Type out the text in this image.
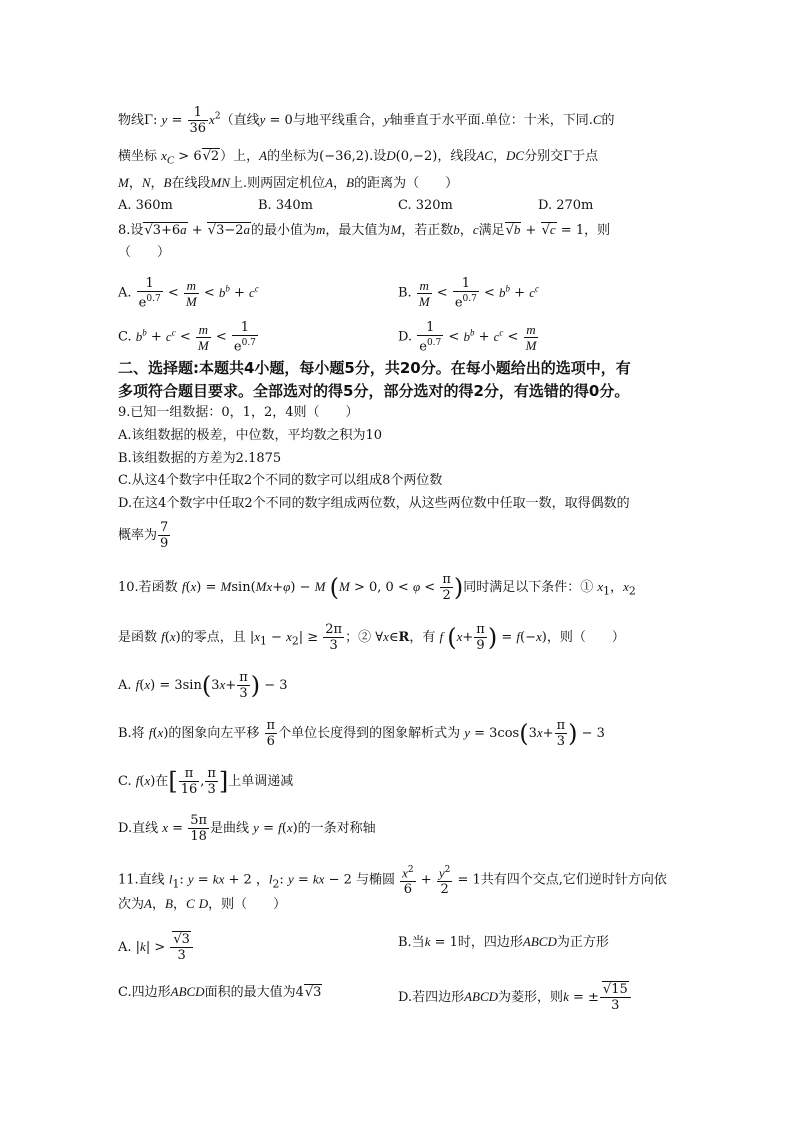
物线Γ: $y = \frac{1}{36} x^2$（直线y = 0与地平线重合，y轴垂直于水平面.单位：十米，下同.C的
横坐标 $x_C > 6√2$）上，A的坐标为(−36,2).设D(0,−2)，线段AC，DC分别交Γ于点
M，N，B在线段MN上.则两固定机位A，B的距离为（　　）
A. 360m	B. 340m	C. 320m	D. 270m
8.设√3+6a + √3−2a的最小值为m，最大值为M，若正数b，c满足√b + √c = 1，则
（　　）
A. $\frac{1}{e^{0.7}} < \frac{m}{M} < b^b + c^c$	B. $\frac{m}{M} < \frac{1}{e^{0.7}} < b^b + c^c$
C. $b^b + c^c < \frac{m}{M} < \frac{1}{e^{0.7}}$	D. $\frac{1}{e^{0.7}} < b^b + c^c < \frac{m}{M}$
二、选择题:本题共4小题，每小题5分，共20分。在每小题给出的选项中，有
多项符合题目要求。全部选对的得5分，部分选对的得2分，有选错的得0分。
9.已知一组数据：0，1，2，4则（　　）
A.该组数据的极差，中位数，平均数之积为10
B.该组数据的方差为2.1875
C.从这4个数字中任取2个不同的数字可以组成8个两位数
D.在这4个数字中任取2个不同的数字组成两位数，从这些两位数中任取一数，取得偶数的
概率为 $\frac{7}{9}$
10.若函数 f(x) = Msin(Mx+φ) − M (M > 0, $0 < \varphi < \frac{\pi}{2}$ )同时满足以下条件：① $x_1$，$x_2$
是函数 f(x)的零点，且 $|x_1 - x_2| \ge \frac{2\pi}{3}$ ；② ∀x∈R，有 f ($x+ \frac{\pi}{9}$ ) = f(−x)，则（　　）
A. $f(x) = 3\sin(3x+ \frac{\pi}{3}$ ) − 3
B.将 f(x)的图象向左平移 $\frac{\pi}{6}$ 个单位长度得到的图象解析式为 $y = 3\cos(3x+ \frac{\pi}{3}$ ) − 3
C. f(x)在[ $\frac{\pi}{16}$ , $\frac{\pi}{3}$ ]上单调递减
D.直线 $x = \frac{5\pi}{18}$ 是曲线 y = f(x)的一条对称轴
11.直线 $l_1$: y = kx + 2 ，$l_2$: y = kx − 2 与椭圆 $\frac{x^2}{6} + \frac{y^2}{2} = 1$共有四个交点,它们逆时针方向依
次为A，B，C D，则（　　）
A. $|k| > \frac{√3}{3}$	B.当k = 1时，四边形ABCD为正方形
C.四边形ABCD面积的最大值为4√3	D.若四边形ABCD为菱形，则k = ± $\frac{√15}{3}$
